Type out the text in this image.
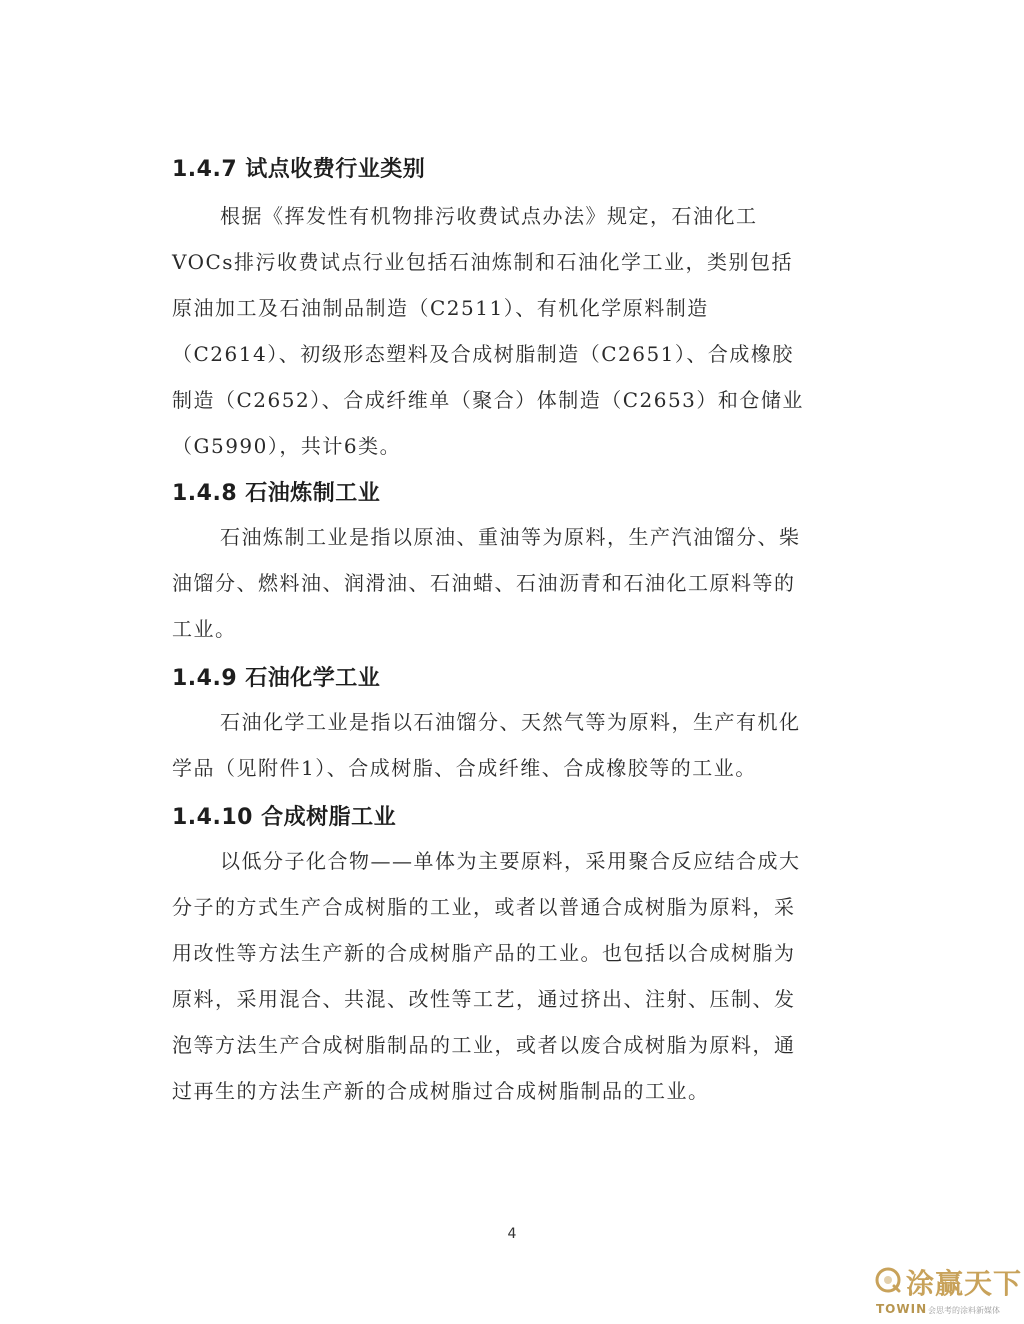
1.4.7 试点收费行业类别
根据《挥发性有机物排污收费试点办法》规定，石油化工
VOCs排污收费试点行业包括石油炼制和石油化学工业，类别包括
原油加工及石油制品制造（C2511）、有机化学原料制造
（C2614）、初级形态塑料及合成树脂制造（C2651）、合成橡胶
制造（C2652）、合成纤维单（聚合）体制造（C2653）和仓储业
（G5990），共计6类。
1.4.8 石油炼制工业
石油炼制工业是指以原油、重油等为原料，生产汽油馏分、柴
油馏分、燃料油、润滑油、石油蜡、石油沥青和石油化工原料等的
工业。
1.4.9 石油化学工业
石油化学工业是指以石油馏分、天然气等为原料，生产有机化
学品（见附件1）、合成树脂、合成纤维、合成橡胶等的工业。
1.4.10 合成树脂工业
以低分子化合物——单体为主要原料，采用聚合反应结合成大
分子的方式生产合成树脂的工业，或者以普通合成树脂为原料，采
用改性等方法生产新的合成树脂产品的工业。也包括以合成树脂为
原料，采用混合、共混、改性等工艺，通过挤出、注射、压制、发
泡等方法生产合成树脂制品的工业，或者以废合成树脂为原料，通
过再生的方法生产新的合成树脂过合成树脂制品的工业。
4
涂赢天下
TOWIN 会思考的涂料新媒体
